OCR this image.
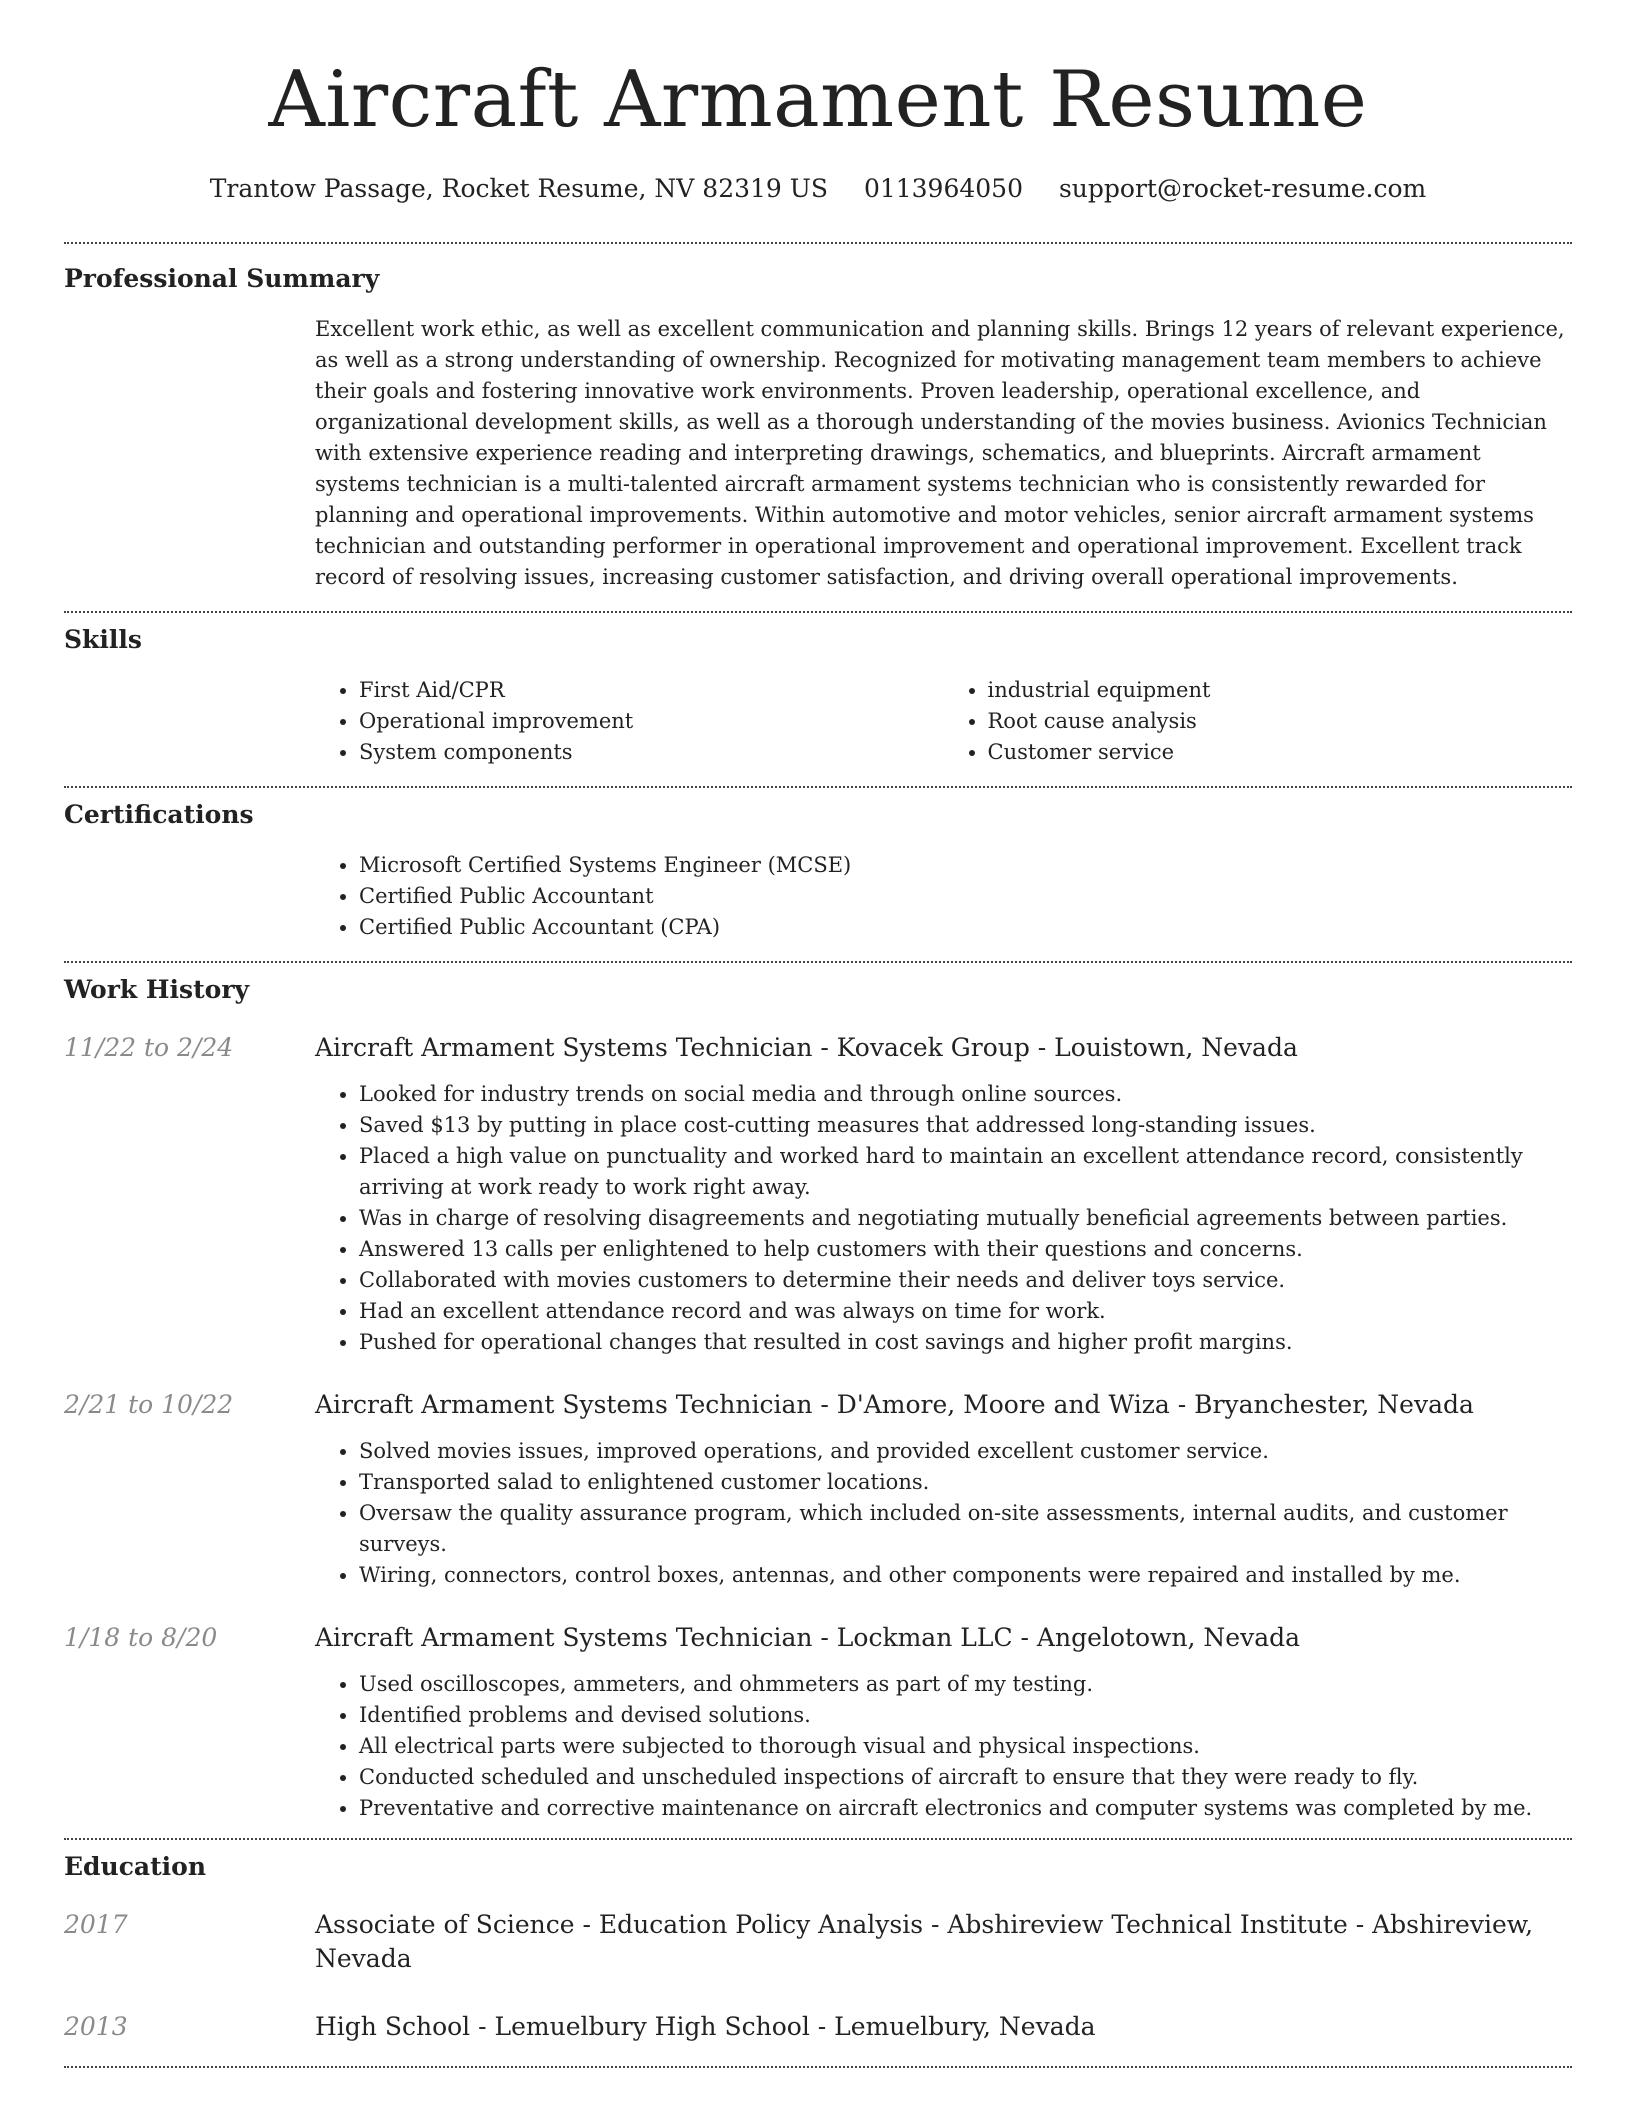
Aircraft Armament Resume
Trantow Passage, Rocket Resume, NV 82319 US 0113964050 support@rocket-resume.com
Professional Summary

Excellent work ethic, as well as excellent communication and planning skills. Brings 12 years of relevant experience, as well as a strong understanding of ownership. Recognized for motivating management team members to achieve their goals and fostering innovative work environments. Proven leadership, operational excellence, and organizational development skills, as well as a thorough understanding of the movies business. Avionics Technician with extensive experience reading and interpreting drawings, schematics, and blueprints. Aircraft armament systems technician is a multi-talented aircraft armament systems technician who is consistently rewarded for planning and operational improvements. Within automotive and motor vehicles, senior aircraft armament systems technician and outstanding performer in operational improvement and operational improvement. Excellent track record of resolving issues, increasing customer satisfaction, and driving overall operational improvements.

Skills
• First Aid/CPR
• Operational improvement
• System components
• industrial equipment
• Root cause analysis
• Customer service
Certifications
• Microsoft Certified Systems Engineer (MCSE)
• Certified Public Accountant
• Certified Public Accountant (CPA)
Work History
11/22 to 2/24	Aircraft Armament Systems Technician - Kovacek Group - Louistown, Nevada
• Looked for industry trends on social media and through online sources.
• Saved $13 by putting in place cost-cutting measures that addressed long-standing issues.
• Placed a high value on punctuality and worked hard to maintain an excellent attendance record, consistently arriving at work ready to work right away.
• Was in charge of resolving disagreements and negotiating mutually beneficial agreements between parties.
• Answered 13 calls per enlightened to help customers with their questions and concerns.
• Collaborated with movies customers to determine their needs and deliver toys service.
• Had an excellent attendance record and was always on time for work.
• Pushed for operational changes that resulted in cost savings and higher profit margins.
2/21 to 10/22	Aircraft Armament Systems Technician - D'Amore, Moore and Wiza - Bryanchester, Nevada
• Solved movies issues, improved operations, and provided excellent customer service.
• Transported salad to enlightened customer locations.
• Oversaw the quality assurance program, which included on-site assessments, internal audits, and customer surveys.
• Wiring, connectors, control boxes, antennas, and other components were repaired and installed by me.
1/18 to 8/20	Aircraft Armament Systems Technician - Lockman LLC - Angelotown, Nevada
• Used oscilloscopes, ammeters, and ohmmeters as part of my testing.
• Identified problems and devised solutions.
• All electrical parts were subjected to thorough visual and physical inspections.
• Conducted scheduled and unscheduled inspections of aircraft to ensure that they were ready to fly.
• Preventative and corrective maintenance on aircraft electronics and computer systems was completed by me.
Education
2017	Associate of Science - Education Policy Analysis - Abshireview Technical Institute - Abshireview, Nevada
2013	High School - Lemuelbury High School - Lemuelbury, Nevada
